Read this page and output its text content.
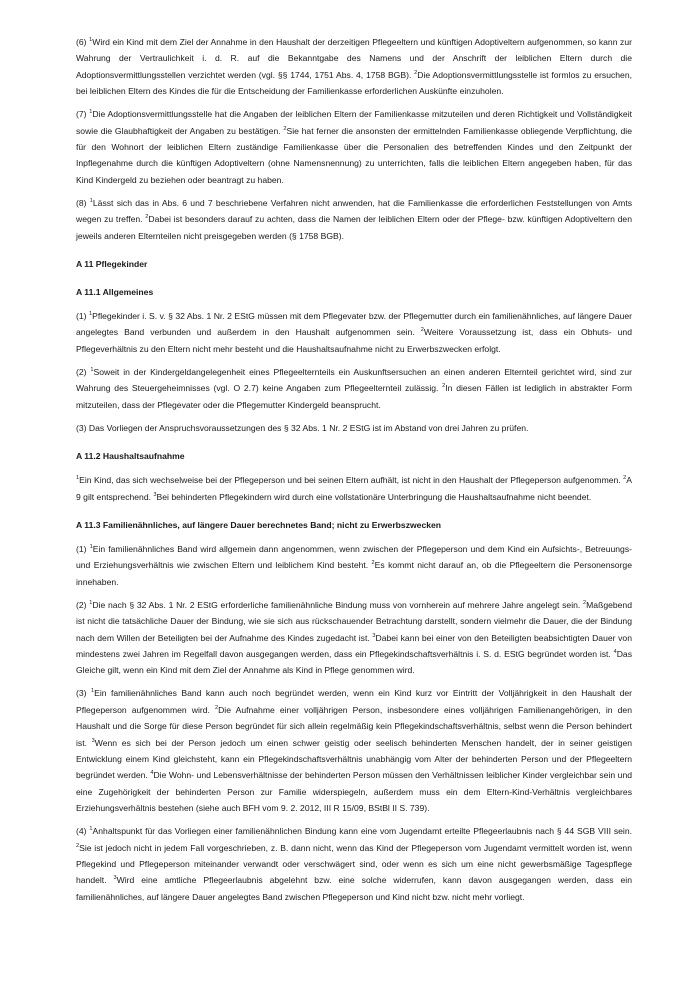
(6) $^1$Wird ein Kind mit dem Ziel der Annahme in den Haushalt der derzeitigen Pflegeeltern und künftigen Adoptiveltern aufgenommen, so kann zur Wahrung der Vertraulichkeit i. d. R. auf die Bekanntgabe des Namens und der Anschrift der leiblichen Eltern durch die Adoptionsvermittlungsstellen verzichtet werden (vgl. §§ 1744, 1751 Abs. 4, 1758 BGB). $^2$Die Adoptionsvermittlungsstelle ist formlos zu ersuchen, bei leiblichen Eltern des Kindes die für die Entscheidung der Familienkasse erforderlichen Auskünfte einzuholen.

(7) $^1$Die Adoptionsvermittlungsstelle hat die Angaben der leiblichen Eltern der Familienkasse mitzuteilen und deren Richtigkeit und Vollständigkeit sowie die Glaubhaftigkeit der Angaben zu bestätigen. $^2$Sie hat ferner die ansonsten der ermittelnden Familienkasse obliegende Verpflichtung, die für den Wohnort der leiblichen Eltern zuständige Familienkasse über die Personalien des betreffenden Kindes und den Zeitpunkt der Inpflegenahme durch die künftigen Adoptiveltern (ohne Namensnennung) zu unterrichten, falls die leiblichen Eltern angegeben haben, für das Kind Kindergeld zu beziehen oder beantragt zu haben.

(8) $^1$Lässt sich das in Abs. 6 und 7 beschriebene Verfahren nicht anwenden, hat die Familienkasse die erforderlichen Feststellungen von Amts wegen zu treffen. $^2$Dabei ist besonders darauf zu achten, dass die Namen der leiblichen Eltern oder der Pflege- bzw. künftigen Adoptiveltern den jeweils anderen Elternteilen nicht preisgegeben werden (§ 1758 BGB).

A 11 Pflegekinder
A 11.1 Allgemeines

(1) $^1$Pflegekinder i. S. v. § 32 Abs. 1 Nr. 2 EStG müssen mit dem Pflegevater bzw. der Pflegemutter durch ein familienähnliches, auf längere Dauer angelegtes Band verbunden und außerdem in den Haushalt aufgenommen sein. $^2$Weitere Voraussetzung ist, dass ein Obhuts- und Pflegeverhältnis zu den Eltern nicht mehr besteht und die Haushaltsaufnahme nicht zu Erwerbszwecken erfolgt.

(2) $^1$Soweit in der Kindergeldangelegenheit eines Pflegeelternteils ein Auskunftsersuchen an einen anderen Elternteil gerichtet wird, sind zur Wahrung des Steuergeheimnisses (vgl. O 2.7) keine Angaben zum Pflegeelternteil zulässig. $^2$In diesen Fällen ist lediglich in abstrakter Form mitzuteilen, dass der Pflegevater oder die Pflegemutter Kindergeld beansprucht.

(3) Das Vorliegen der Anspruchsvoraussetzungen des § 32 Abs. 1 Nr. 2 EStG ist im Abstand von drei Jahren zu prüfen.

A 11.2 Haushaltsaufnahme

$^1$Ein Kind, das sich wechselweise bei der Pflegeperson und bei seinen Eltern aufhält, ist nicht in den Haushalt der Pflegeperson aufgenommen. $^2$A 9 gilt entsprechend. $^3$Bei behinderten Pflegekindern wird durch eine vollstationäre Unterbringung die Haushaltsaufnahme nicht beendet.

A 11.3 Familienähnliches, auf längere Dauer berechnetes Band; nicht zu Erwerbszwecken

(1) $^1$Ein familienähnliches Band wird allgemein dann angenommen, wenn zwischen der Pflegeperson und dem Kind ein Aufsichts-, Betreuungs- und Erziehungsverhältnis wie zwischen Eltern und leiblichem Kind besteht. $^2$Es kommt nicht darauf an, ob die Pflegeeltern die Personensorge innehaben.

(2) $^1$Die nach § 32 Abs. 1 Nr. 2 EStG erforderliche familienähnliche Bindung muss von vornherein auf mehrere Jahre angelegt sein. $^2$Maßgebend ist nicht die tatsächliche Dauer der Bindung, wie sie sich aus rückschauender Betrachtung darstellt, sondern vielmehr die Dauer, die der Bindung nach dem Willen der Beteiligten bei der Aufnahme des Kindes zugedacht ist. $^3$Dabei kann bei einer von den Beteiligten beabsichtigten Dauer von mindestens zwei Jahren im Regelfall davon ausgegangen werden, dass ein Pflegekindschaftsverhältnis i. S. d. EStG begründet worden ist. $^4$Das Gleiche gilt, wenn ein Kind mit dem Ziel der Annahme als Kind in Pflege genommen wird.

(3) $^1$Ein familienähnliches Band kann auch noch begründet werden, wenn ein Kind kurz vor Eintritt der Volljährigkeit in den Haushalt der Pflegeperson aufgenommen wird. $^2$Die Aufnahme einer volljährigen Person, insbesondere eines volljährigen Familienangehörigen, in den Haushalt und die Sorge für diese Person begründet für sich allein regelmäßig kein Pflegekindschaftsverhältnis, selbst wenn die Person behindert ist. $^3$Wenn es sich bei der Person jedoch um einen schwer geistig oder seelisch behinderten Menschen handelt, der in seiner geistigen Entwicklung einem Kind gleichsteht, kann ein Pflegekindschaftsverhältnis unabhängig vom Alter der behinderten Person und der Pflegeeltern begründet werden. $^4$Die Wohn- und Lebensverhältnisse der behinderten Person müssen den Verhältnissen leiblicher Kinder vergleichbar sein und eine Zugehörigkeit der behinderten Person zur Familie widerspiegeln, außerdem muss ein dem Eltern-Kind-Verhältnis vergleichbares Erziehungsverhältnis bestehen (siehe auch BFH vom 9. 2. 2012, III R 15/09, BStBl II S. 739).

(4) $^1$Anhaltspunkt für das Vorliegen einer familienähnlichen Bindung kann eine vom Jugendamt erteilte Pflegeerlaubnis nach § 44 SGB VIII sein. $^2$Sie ist jedoch nicht in jedem Fall vorgeschrieben, z. B. dann nicht, wenn das Kind der Pflegeperson vom Jugendamt vermittelt worden ist, wenn Pflegekind und Pflegeperson miteinander verwandt oder verschwägert sind, oder wenn es sich um eine nicht gewerbsmäßige Tagespflege handelt. $^3$Wird eine amtliche Pflegeerlaubnis abgelehnt bzw. eine solche widerrufen, kann davon ausgegangen werden, dass ein familienähnliches, auf längere Dauer angelegtes Band zwischen Pflegeperson und Kind nicht bzw. nicht mehr vorliegt.
